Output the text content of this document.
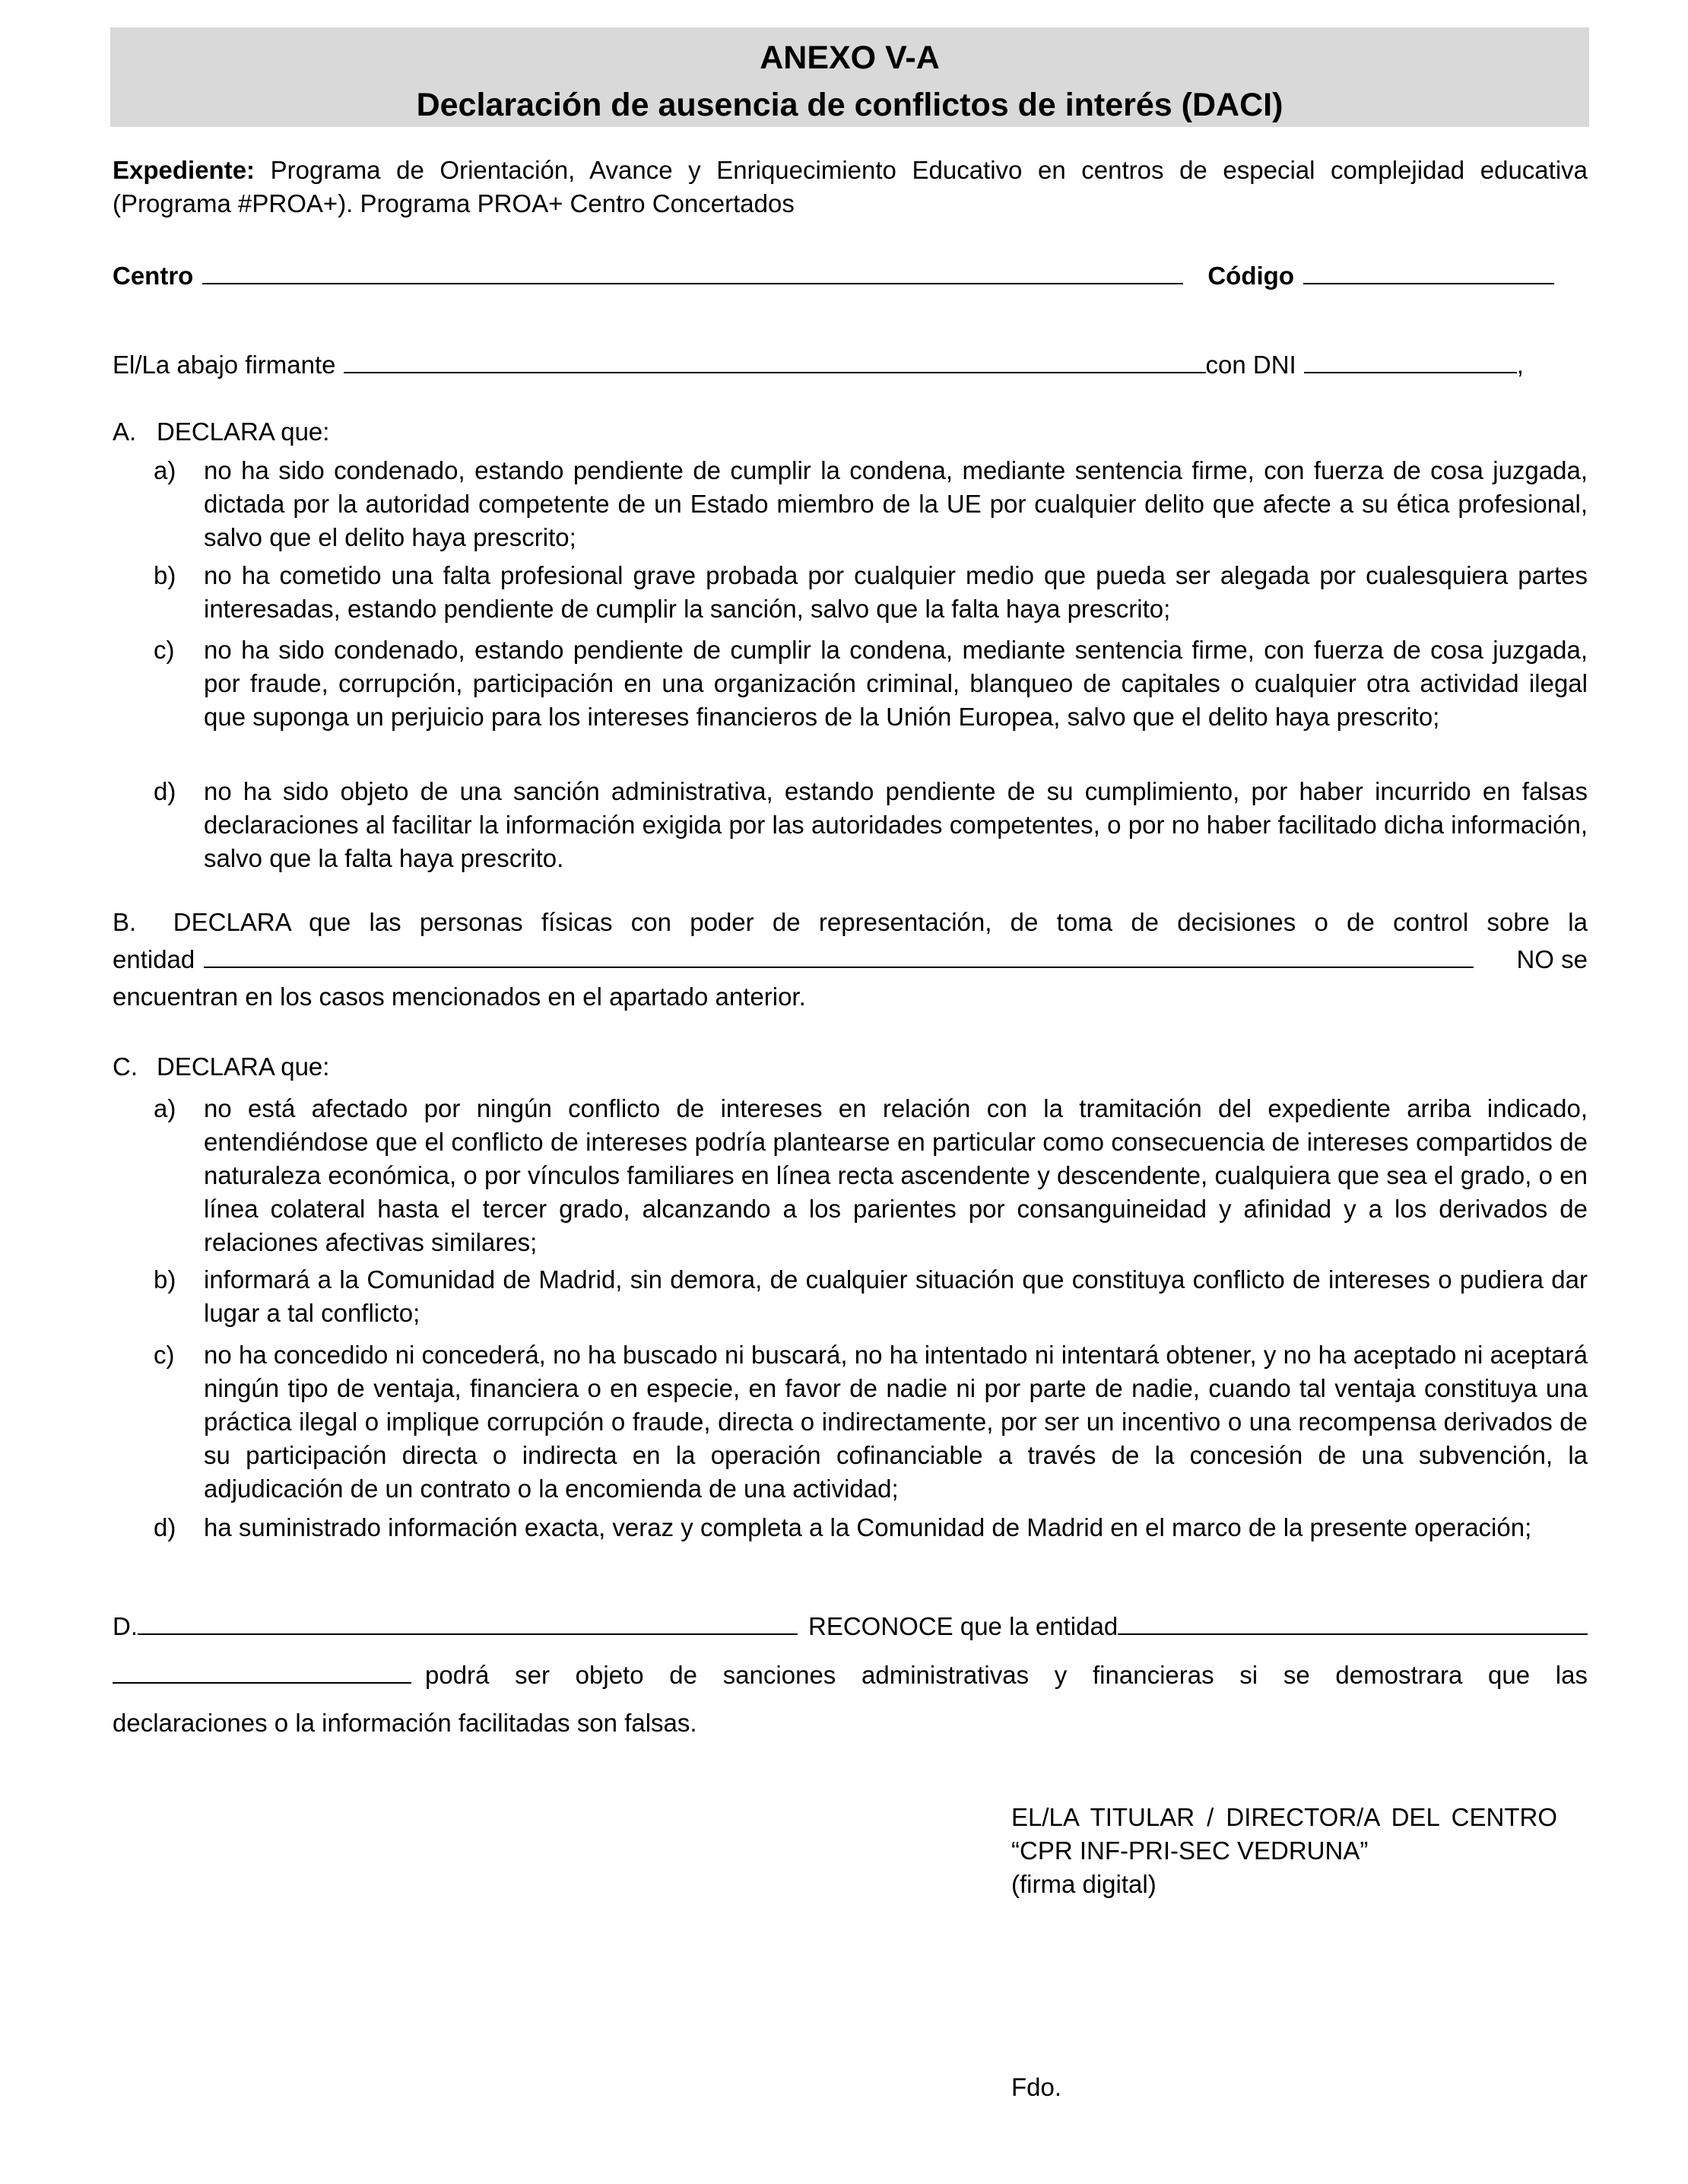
ANEXO V-A
Declaración de ausencia de conflictos de interés (DACI)
Expediente: Programa de Orientación, Avance y Enriquecimiento Educativo en centros de especial complejidad educativa (Programa #PROA+). Programa PROA+ Centro Concertados
Centro	Código
El/La abajo firmante	con DNI	,
A. DECLARA que:
a) no ha sido condenado, estando pendiente de cumplir la condena, mediante sentencia firme, con fuerza de cosa juzgada, dictada por la autoridad competente de un Estado miembro de la UE por cualquier delito que afecte a su ética profesional, salvo que el delito haya prescrito;
b) no ha cometido una falta profesional grave probada por cualquier medio que pueda ser alegada por cualesquiera partes interesadas, estando pendiente de cumplir la sanción, salvo que la falta haya prescrito;
c) no ha sido condenado, estando pendiente de cumplir la condena, mediante sentencia firme, con fuerza de cosa juzgada, por fraude, corrupción, participación en una organización criminal, blanqueo de capitales o cualquier otra actividad ilegal que suponga un perjuicio para los intereses financieros de la Unión Europea, salvo que el delito haya prescrito;
d) no ha sido objeto de una sanción administrativa, estando pendiente de su cumplimiento, por haber incurrido en falsas declaraciones al facilitar la información exigida por las autoridades competentes, o por no haber facilitado dicha información, salvo que la falta haya prescrito.
B. DECLARA que las personas físicas con poder de representación, de toma de decisiones o de control sobre la
entidad	NO se
encuentran en los casos mencionados en el apartado anterior.
C. DECLARA que:
a) no está afectado por ningún conflicto de intereses en relación con la tramitación del expediente arriba indicado, entendiéndose que el conflicto de intereses podría plantearse en particular como consecuencia de intereses compartidos de naturaleza económica, o por vínculos familiares en línea recta ascendente y descendente, cualquiera que sea el grado, o en línea colateral hasta el tercer grado, alcanzando a los parientes por consanguineidad y afinidad y a los derivados de relaciones afectivas similares;
b) informará a la Comunidad de Madrid, sin demora, de cualquier situación que constituya conflicto de intereses o pudiera dar lugar a tal conflicto;
c) no ha concedido ni concederá, no ha buscado ni buscará, no ha intentado ni intentará obtener, y no ha aceptado ni aceptará ningún tipo de ventaja, financiera o en especie, en favor de nadie ni por parte de nadie, cuando tal ventaja constituya una práctica ilegal o implique corrupción o fraude, directa o indirectamente, por ser un incentivo o una recompensa derivados de su participación directa o indirecta en la operación cofinanciable a través de la concesión de una subvención, la adjudicación de un contrato o la encomienda de una actividad;
d) ha suministrado información exacta, veraz y completa a la Comunidad de Madrid en el marco de la presente operación;
D.	RECONOCE que la entidad
podrá ser objeto de sanciones administrativas y financieras si se demostrara que las
declaraciones o la información facilitadas son falsas.
EL/LA TITULAR / DIRECTOR/A DEL CENTRO “CPR INF-PRI-SEC VEDRUNA”
(firma digital)
Fdo.
